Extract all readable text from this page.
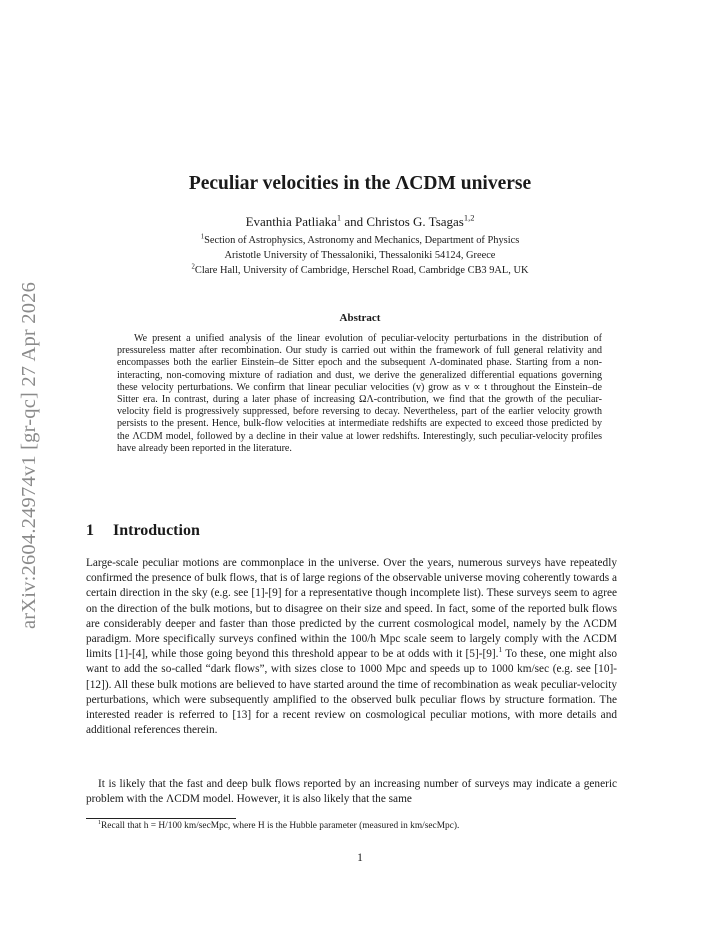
arXiv:2604.24974v1 [gr-qc] 27 Apr 2026
Peculiar velocities in the ΛCDM universe
Evanthia Patliaka$^1$ and Christos G. Tsagas$^{1,2}$
$^1$Section of Astrophysics, Astronomy and Mechanics, Department of Physics
Aristotle University of Thessaloniki, Thessaloniki 54124, Greece
$^2$Clare Hall, University of Cambridge, Herschel Road, Cambridge CB3 9AL, UK
Abstract

We present a unified analysis of the linear evolution of peculiar-velocity perturbations in the distribution of pressureless matter after recombination. Our study is carried out within the framework of full general relativity and encompasses both the earlier Einstein–de Sitter epoch and the subsequent Λ-dominated phase. Starting from a non-interacting, non-comoving mixture of radiation and dust, we derive the generalized differential equations governing these velocity perturbations. We confirm that linear peculiar velocities (v) grow as v ∝ t throughout the Einstein–de Sitter era. In contrast, during a later phase of increasing ΩΛ-contribution, we find that the growth of the peculiar-velocity field is progressively suppressed, before reversing to decay. Nevertheless, part of the earlier velocity growth persists to the present. Hence, bulk-flow velocities at intermediate redshifts are expected to exceed those predicted by the ΛCDM model, followed by a decline in their value at lower redshifts. Interestingly, such peculiar-velocity profiles have already been reported in the literature.

1 Introduction

Large-scale peculiar motions are commonplace in the universe. Over the years, numerous surveys have repeatedly confirmed the presence of bulk flows, that is of large regions of the observable universe moving coherently towards a certain direction in the sky (e.g. see [1]-[9] for a representative though incomplete list). These surveys seem to agree on the direction of the bulk motions, but to disagree on their size and speed. In fact, some of the reported bulk flows are considerably deeper and faster than those predicted by the current cosmological model, namely by the ΛCDM paradigm. More specifically surveys confined within the 100/h Mpc scale seem to largely comply with the ΛCDM limits [1]-[4], while those going beyond this threshold appear to be at odds with it [5]-[9].$^1$ To these, one might also want to add the so-called “dark flows”, with sizes close to 1000 Mpc and speeds up to 1000 km/sec (e.g. see [10]-[12]). All these bulk motions are believed to have started around the time of recombination as weak peculiar-velocity perturbations, which were subsequently amplified to the observed bulk peculiar flows by structure formation. The interested reader is referred to [13] for a recent review on cosmological peculiar motions, with more details and additional references therein.

It is likely that the fast and deep bulk flows reported by an increasing number of surveys may indicate a generic problem with the ΛCDM model. However, it is also likely that the same

$^1$Recall that h = H/100 km/secMpc, where H is the Hubble parameter (measured in km/secMpc).
1
